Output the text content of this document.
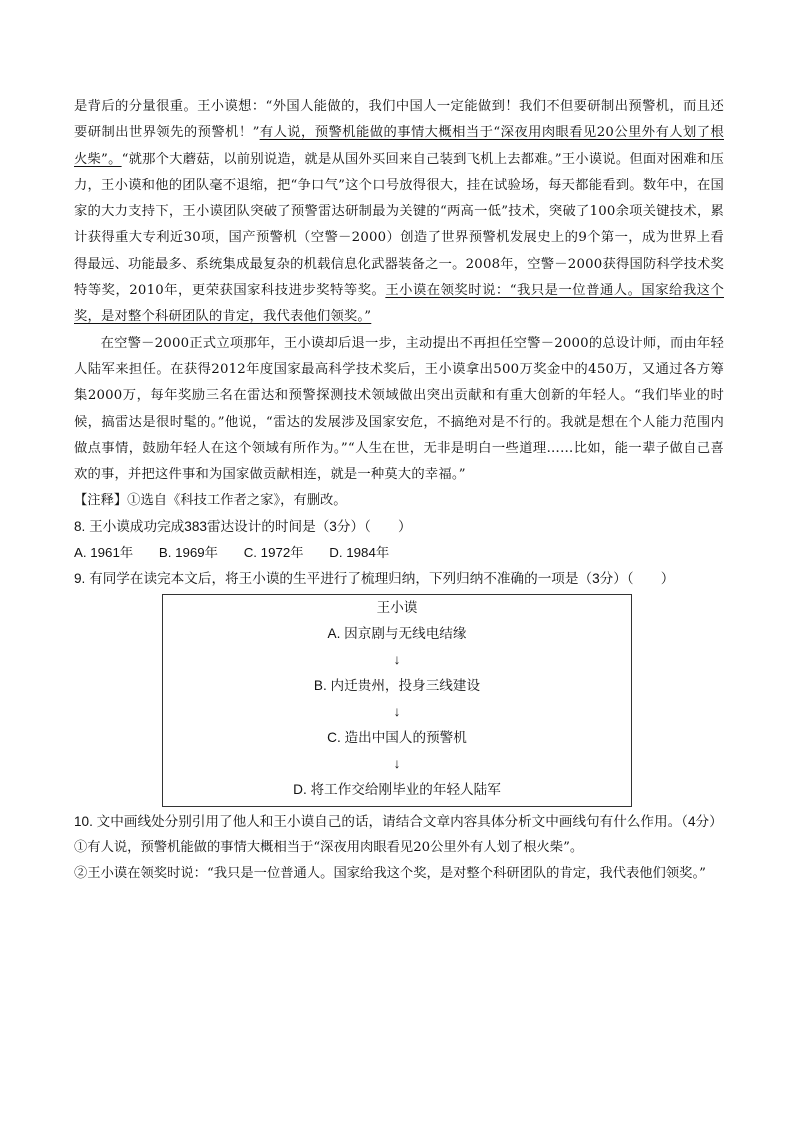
是背后的分量很重。王小谟想：“外国人能做的，我们中国人一定能做到！我们不但要研制出预警机，而且还要研制出世界领先的预警机！”有人说，预警机能做的事情大概相当于“深夜用肉眼看见20公里外有人划了根火柴”。“就那个大蘑菇，以前别说造，就是从国外买回来自己装到飞机上去都难。”王小谟说。但面对困难和压力，王小谟和他的团队毫不退缩，把“争口气”这个口号放得很大，挂在试验场，每天都能看到。数年中，在国家的大力支持下，王小谟团队突破了预警雷达研制最为关键的“两高一低”技术，突破了100余项关键技术，累计获得重大专利近30项，国产预警机（空警－2000）创造了世界预警机发展史上的9个第一，成为世界上看得最远、功能最多、系统集成最复杂的机载信息化武器装备之一。2008年，空警－2000获得国防科学技术奖特等奖，2010年，更荣获国家科技进步奖特等奖。王小谟在领奖时说：“我只是一位普通人。国家给我这个奖，是对整个科研团队的肯定，我代表他们领奖。”

在空警－2000正式立项那年，王小谟却后退一步，主动提出不再担任空警－2000的总设计师，而由年轻人陆军来担任。在获得2012年度国家最高科学技术奖后，王小谟拿出500万奖金中的450万，又通过各方筹集2000万，每年奖励三名在雷达和预警探测技术领域做出突出贡献和有重大创新的年轻人。“我们毕业的时候，搞雷达是很时髦的。”他说，“雷达的发展涉及国家安危，不搞绝对是不行的。我就是想在个人能力范围内做点事情，鼓励年轻人在这个领域有所作为。”“人生在世，无非是明白一些道理……比如，能一辈子做自己喜欢的事，并把这件事和为国家做贡献相连，就是一种莫大的幸福。”

【注释】①选自《科技工作者之家》，有删改。

8. 王小谟成功完成383雷达设计的时间是（3分）（　　）

A. 1961年 B. 1969年 C. 1972年 D. 1984年

9. 有同学在读完本文后，将王小谟的生平进行了梳理归纳，下列归纳不准确的一项是（3分）（　　）

王小谟
A. 因京剧与无线电结缘
↓
B. 内迁贵州，投身三线建设
↓
C. 造出中国人的预警机
↓
D. 将工作交给刚毕业的年轻人陆军

10. 文中画线处分别引用了他人和王小谟自己的话，请结合文章内容具体分析文中画线句有什么作用。（4分）

①有人说，预警机能做的事情大概相当于“深夜用肉眼看见20公里外有人划了根火柴”。

②王小谟在领奖时说：“我只是一位普通人。国家给我这个奖，是对整个科研团队的肯定，我代表他们领奖。”
